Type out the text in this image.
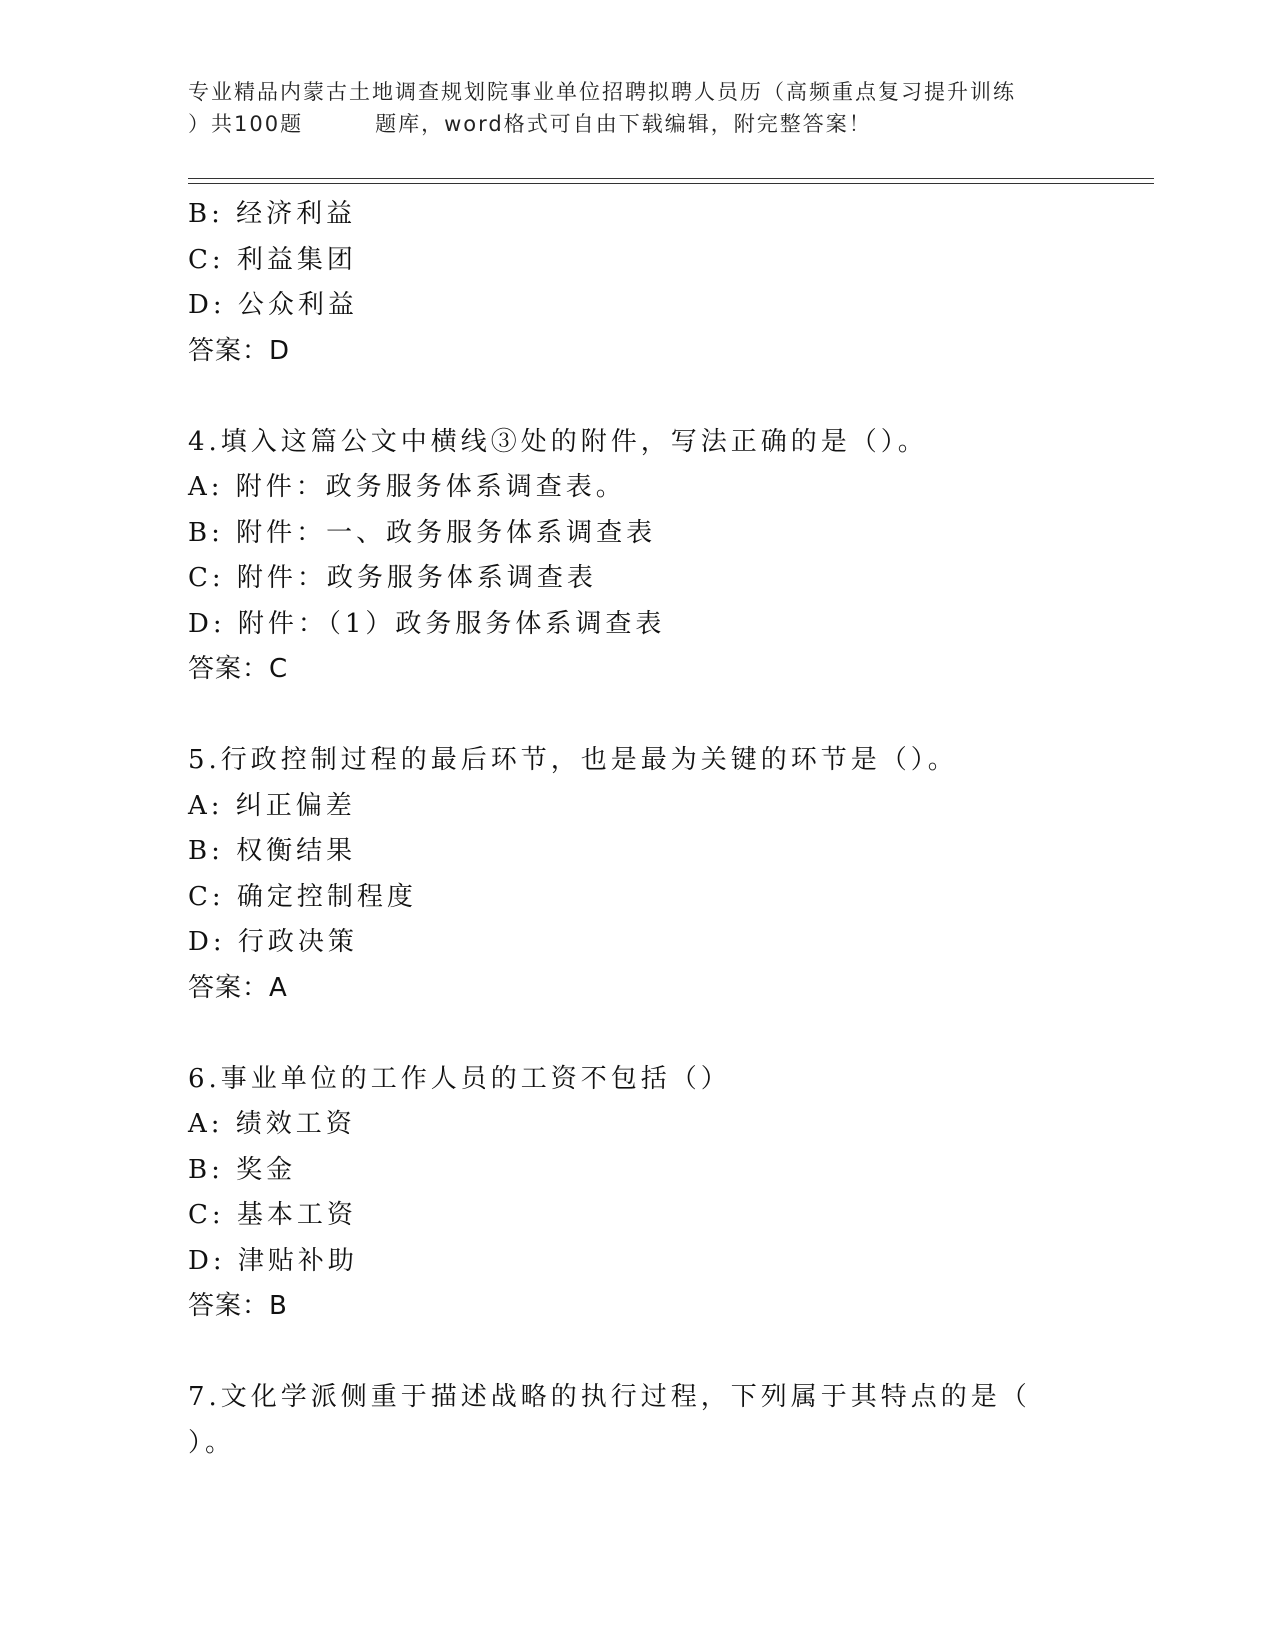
专业精品内蒙古土地调查规划院事业单位招聘拟聘人员历（高频重点复习提升训练
）共100题	题库，word格式可自由下载编辑，附完整答案！
B: 经济利益
C: 利益集团
D: 公众利益
答案：D
4.填入这篇公文中横线③处的附件，写法正确的是（）。
A: 附件：政务服务体系调查表。
B: 附件：一、政务服务体系调查表
C: 附件：政务服务体系调查表
D: 附件：（1）政务服务体系调查表
答案：C
5.行政控制过程的最后环节，也是最为关键的环节是（）。
A: 纠正偏差
B: 权衡结果
C: 确定控制程度
D: 行政决策
答案：A
6.事业单位的工作人员的工资不包括（）
A: 绩效工资
B: 奖金
C: 基本工资
D: 津贴补助
答案：B
7.文化学派侧重于描述战略的执行过程，下列属于其特点的是（
）。
